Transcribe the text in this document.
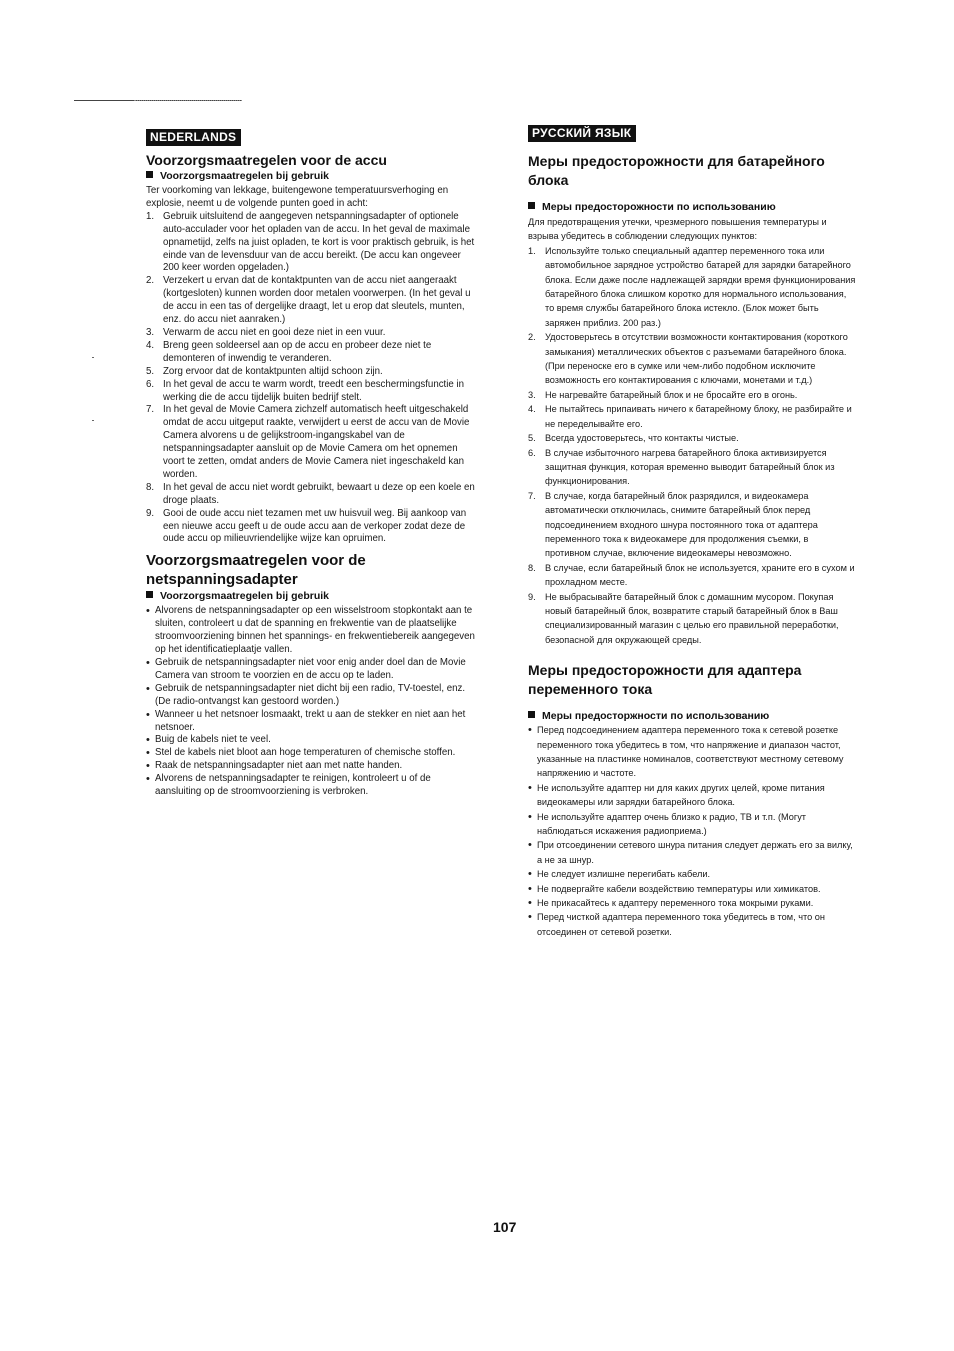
NEDERLANDS
Voorzorgsmaatregelen voor de accu
Voorzorgsmaatregelen bij gebruik

Ter voorkoming van lekkage, buitengewone temperatuursverhoging en explosie, neemt u de volgende punten goed in acht:

1. Gebruik uitsluitend de aangegeven netspanningsadapter of optionele auto-acculader voor het opladen van de accu. In het geval de maximale opnametijd, zelfs na juist opladen, te kort is voor praktisch gebruik, is het einde van de levensduur van de accu bereikt. (De accu kan ongeveer 200 keer worden opgeladen.)
2. Verzekert u ervan dat de kontaktpunten van de accu niet aangeraakt (kortgesloten) kunnen worden door metalen voorwerpen. (In het geval u de accu in een tas of dergelijke draagt, let u erop dat sleutels, munten, enz. do accu niet aanraken.)
3. Verwarm de accu niet en gooi deze niet in een vuur.
4. Breng geen soldeersel aan op de accu en probeer deze niet te demonteren of inwendig te veranderen.
5. Zorg ervoor dat de kontaktpunten altijd schoon zijn.
6. In het geval de accu te warm wordt, treedt een beschermingsfunctie in werking die de accu tijdelijk buiten bedrijf stelt.
7. In het geval de Movie Camera zichzelf automatisch heeft uitgeschakeld omdat de accu uitgeput raakte, verwijdert u eerst de accu van de Movie Camera alvorens u de gelijkstroom-ingangskabel van de netspanningsadapter aansluit op de Movie Camera om het opnemen voort te zetten, omdat anders de Movie Camera niet ingeschakeld kan worden.
8. In het geval de accu niet wordt gebruikt, bewaart u deze op een koele en droge plaats.
9. Gooi de oude accu niet tezamen met uw huisvuil weg. Bij aankoop van een nieuwe accu geeft u de oude accu aan de verkoper zodat deze de oude accu op milieuvriendelijke wijze kan opruimen.
Voorzorgsmaatregelen voor de netspanningsadapter
Voorzorgsmaatregelen bij gebruik
• Alvorens de netspanningsadapter op een wisselstroom stopkontakt aan te sluiten, controleert u dat de spanning en frekwentie van de plaatselijke stroomvoorziening binnen het spannings- en frekwentiebereik aangegeven op het identificatieplaatje vallen.
• Gebruik de netspanningsadapter niet voor enig ander doel dan de Movie Camera van stroom te voorzien en de accu op te laden.
• Gebruik de netspanningsadapter niet dicht bij een radio, TV-toestel, enz. (De radio-ontvangst kan gestoord worden.)
• Wanneer u het netsnoer losmaakt, trekt u aan de stekker en niet aan het netsnoer.
• Buig de kabels niet te veel.
• Stel de kabels niet bloot aan hoge temperaturen of chemische stoffen.
• Raak de netspanningsadapter niet aan met natte handen.
• Alvorens de netspanningsadapter te reinigen, kontroleert u of de aansluiting op de stroomvoorziening is verbroken.
РУССКИЙ ЯЗЫК
Меры предосторожности для батарейного блока
Меры предосторожности по использованию

Для предотвращения утечки, чрезмерного повышения температуры и взрыва убедитесь в соблюдении следующих пунктов:

1. Используйте только специальный адаптер переменного тока или автомобильное зарядное устройство батарей для зарядки батарейного блока. Если даже после надлежащей зарядки время функционирования батарейного блока слишком коротко для нормального использования, то время службы батарейного блока истекло. (Блок может быть заряжен приблиз. 200 раз.)
2. Удостоверьтесь в отсутствии возможности контактирования (короткого замыкания) металлических объектов с разъемами батарейного блока. (При переноске его в сумке или чем-либо подобном исключите возможность его контактирования с ключами, монетами и т.д.)
3. Не нагревайте батарейный блок и не бросайте его в огонь.
4. Не пытайтесь припаивать ничего к батарейному блоку, не разбирайте и не переделывайте его.
5. Всегда удостоверьтесь, что контакты чистые.
6. В случае избыточного нагрева батарейного блока активизируется защитная функция, которая временно выводит батарейный блок из функционирования.
7. В случае, когда батарейный блок разрядился, и видеокамера автоматически отключилась, снимите батарейный блок перед подсоединением входного шнура постоянного тока от адаптера переменного тока к видеокамере для продолжения съемки, в противном случае, включение видеокамеры невозможно.
8. В случае, если батарейный блок не используется, храните его в сухом и прохладном месте.
9. Не выбрасывайте батарейный блок с домашним мусором. Покупая новый батарейный блок, возвратите старый батарейный блок в Ваш специализированный магазин с целью его правильной переработки, безопасной для окружающей среды.
Меры предосторожности для адаптера переменного тока
Меры предосторжности по использованию
• Перед подсоединением адаптера переменного тока к сетевой розетке переменного тока убедитесь в том, что напряжение и диапазон частот, указанные на пластинке номиналов, соответствуют местному сетевому напряжению и частоте.
• Не используйте адаптер ни для каких других целей, кроме питания видеокамеры или зарядки батарейного блока.
• Не используйте адаптер очень близко к радио, ТВ и т.п. (Могут наблюдаться искажения радиоприема.)
• При отсоединении сетевого шнура питания следует держать его за вилку, а не за шнур.
• Не следует излишне перегибать кабели.
• Не подвергайте кабели воздействию температуры или химикатов.
• Не прикасайтесь к адаптеру переменного тока мокрыми руками.
• Перед чисткой адаптера переменного тока убедитесь в том, что он отсоединен от сетевой розетки.
107
